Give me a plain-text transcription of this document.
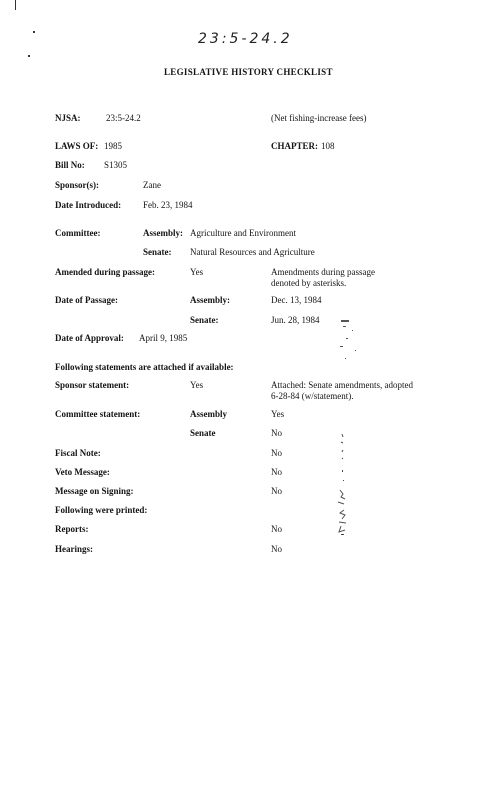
23:5-24.2
LEGISLATIVE HISTORY CHECKLIST
NJSA:	23:5-24.2	(Net fishing-increase fees)
LAWS OF: 1985	CHAPTER: 108
Bill No: S1305
Sponsor(s):	Zane
Date Introduced: Feb. 23, 1984
Committee:	Assembly: Agriculture and Environment
Senate: Natural Resources and Agriculture
Amended during passage:	Yes	Amendments during passage denoted by asterisks.
Date of Passage:	Assembly:	Dec. 13, 1984
Senate:	Jun. 28, 1984
Date of Approval: April 9, 1985
Following statements are attached if available:
Sponsor statement:	Yes	Attached: Senate amendments, adopted 6-28-84 (w/statement).
Committee statement:	Assembly	Yes
Senate	No
Fiscal Note:	No
Veto Message:	No
Message on Signing:	No
Following were printed:
Reports:	No
Hearings:	No
